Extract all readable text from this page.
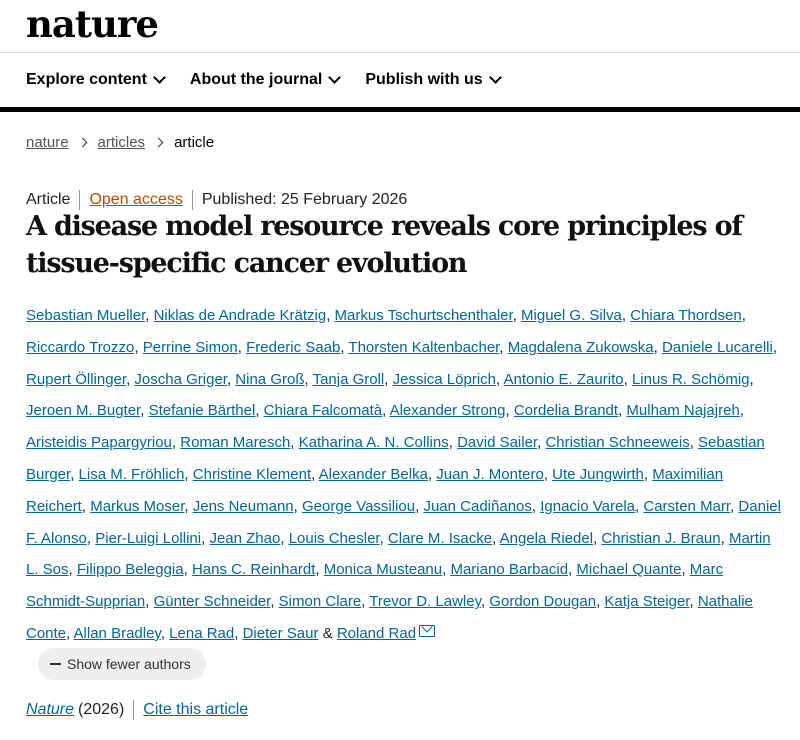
nature
Explore content	About the journal	Publish with us
nature articles article
Article Open access Published: 25 February 2026
A disease model resource reveals core principles of tissue-specific cancer evolution
Sebastian Mueller, Niklas de Andrade Krätzig, Markus Tschurtschenthaler, Miguel G. Silva, Chiara Thordsen, Riccardo Trozzo, Perrine Simon, Frederic Saab, Thorsten Kaltenbacher, Magdalena Zukowska, Daniele Lucarelli, Rupert Öllinger, Joscha Griger, Nina Groß, Tanja Groll, Jessica Löprich, Antonio E. Zaurito, Linus R. Schömig, Jeroen M. Bugter, Stefanie Bärthel, Chiara Falcomatà, Alexander Strong, Cordelia Brandt, Mulham Najajreh, Aristeidis Papargyriou, Roman Maresch, Katharina A. N. Collins, David Sailer, Christian Schneeweis, Sebastian Burger, Lisa M. Fröhlich, Christine Klement, Alexander Belka, Juan J. Montero, Ute Jungwirth, Maximilian Reichert, Markus Moser, Jens Neumann, George Vassiliou, Juan Cadiñanos, Ignacio Varela, Carsten Marr, Daniel F. Alonso, Pier-Luigi Lollini, Jean Zhao, Louis Chesler, Clare M. Isacke, Angela Riedel, Christian J. Braun, Martin L. Sos, Filippo Beleggia, Hans C. Reinhardt, Monica Musteanu, Mariano Barbacid, Michael Quante, Marc Schmidt-Supprian, Günter Schneider, Simon Clare, Trevor D. Lawley, Gordon Dougan, Katja Steiger, Nathalie Conte, Allan Bradley, Lena Rad, Dieter Saur & Roland Rad
Show fewer authors
Nature (2026) Cite this article
